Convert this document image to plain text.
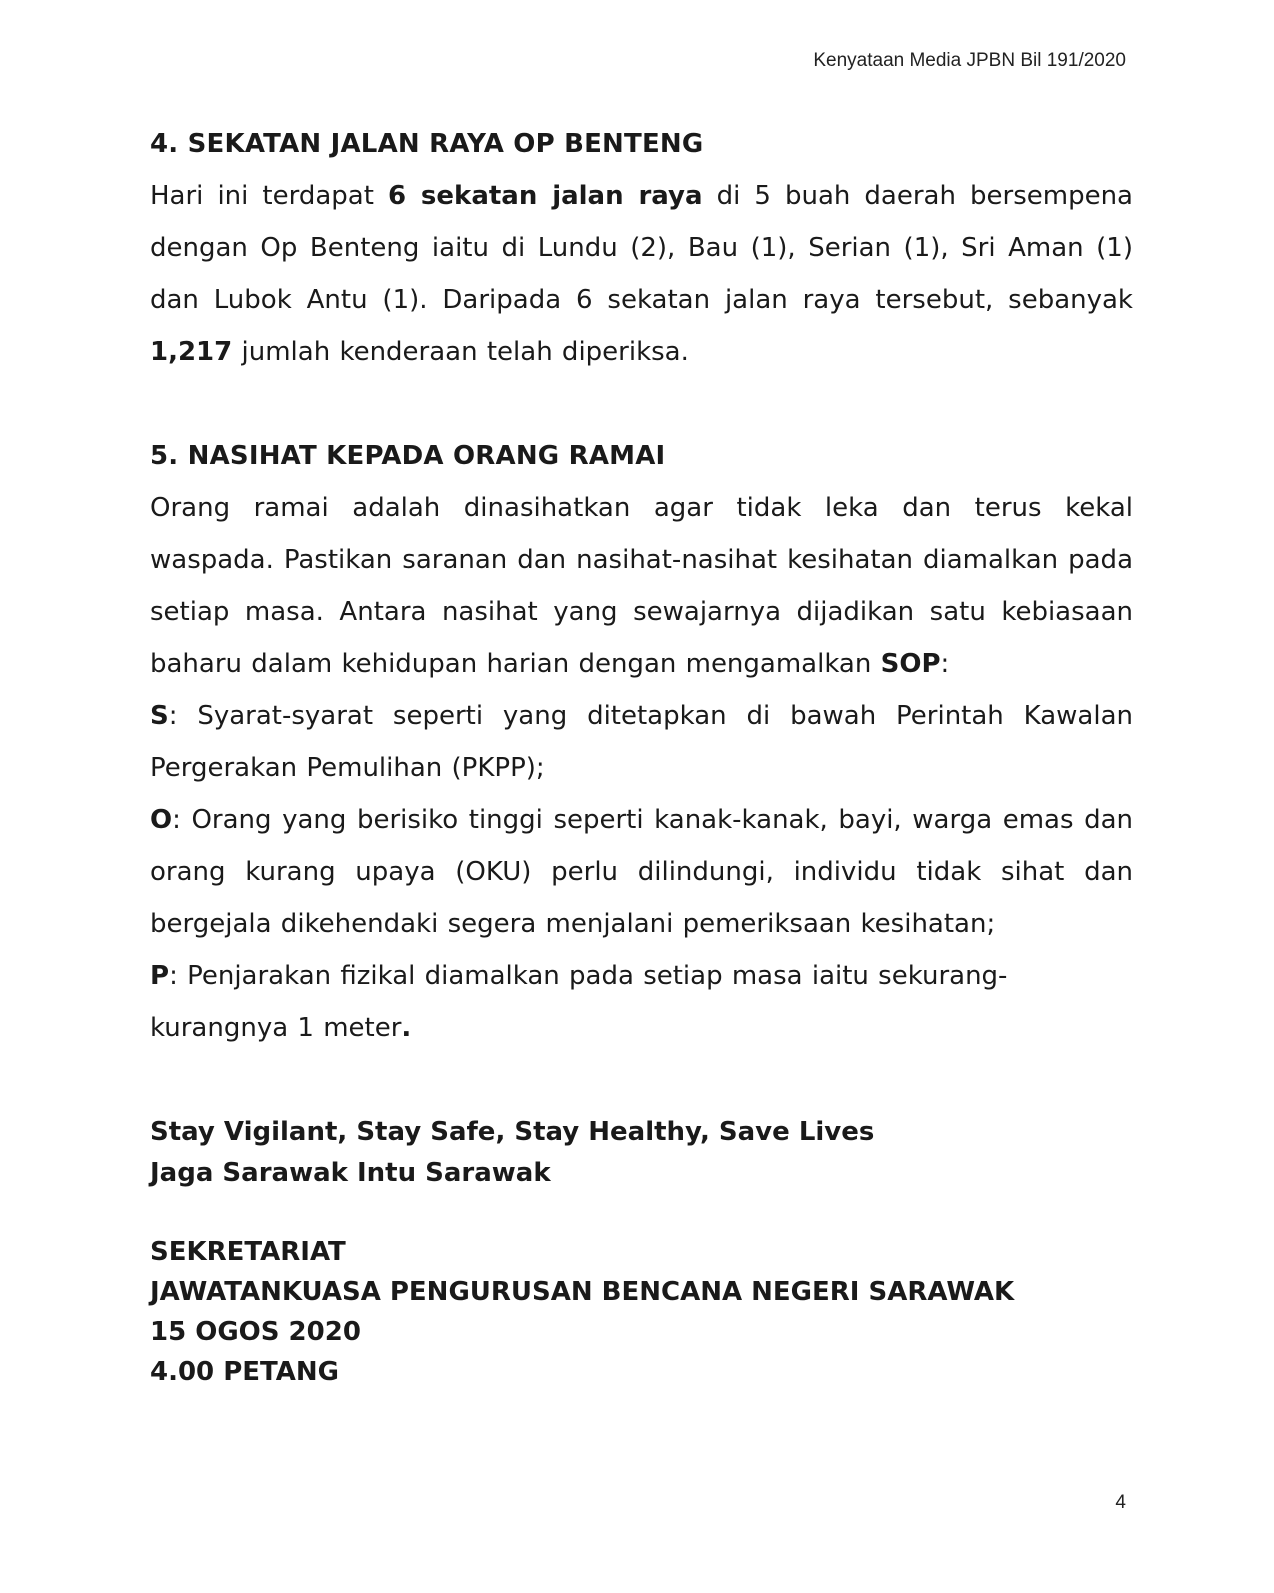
Kenyataan Media JPBN Bil 191/2020
4. SEKATAN JALAN RAYA OP BENTENG

Hari ini terdapat 6 sekatan jalan raya di 5 buah daerah bersempena dengan Op Benteng iaitu di Lundu (2), Bau (1), Serian (1), Sri Aman (1) dan Lubok Antu (1). Daripada 6 sekatan jalan raya tersebut, sebanyak 1,217 jumlah kenderaan telah diperiksa.

5. NASIHAT KEPADA ORANG RAMAI

Orang ramai adalah dinasihatkan agar tidak leka dan terus kekal waspada. Pastikan saranan dan nasihat-nasihat kesihatan diamalkan pada setiap masa. Antara nasihat yang sewajarnya dijadikan satu kebiasaan baharu dalam kehidupan harian dengan mengamalkan SOP:

S: Syarat-syarat seperti yang ditetapkan di bawah Perintah Kawalan Pergerakan Pemulihan (PKPP);

O: Orang yang berisiko tinggi seperti kanak-kanak, bayi, warga emas dan orang kurang upaya (OKU) perlu dilindungi, individu tidak sihat dan bergejala dikehendaki segera menjalani pemeriksaan kesihatan;

P: Penjarakan fizikal diamalkan pada setiap masa iaitu sekurang-kurangnya 1 meter.

Stay Vigilant, Stay Safe, Stay Healthy, Save Lives

Jaga Sarawak Intu Sarawak

SEKRETARIAT

JAWATANKUASA PENGURUSAN BENCANA NEGERI SARAWAK

15 OGOS 2020

4.00 PETANG

4
